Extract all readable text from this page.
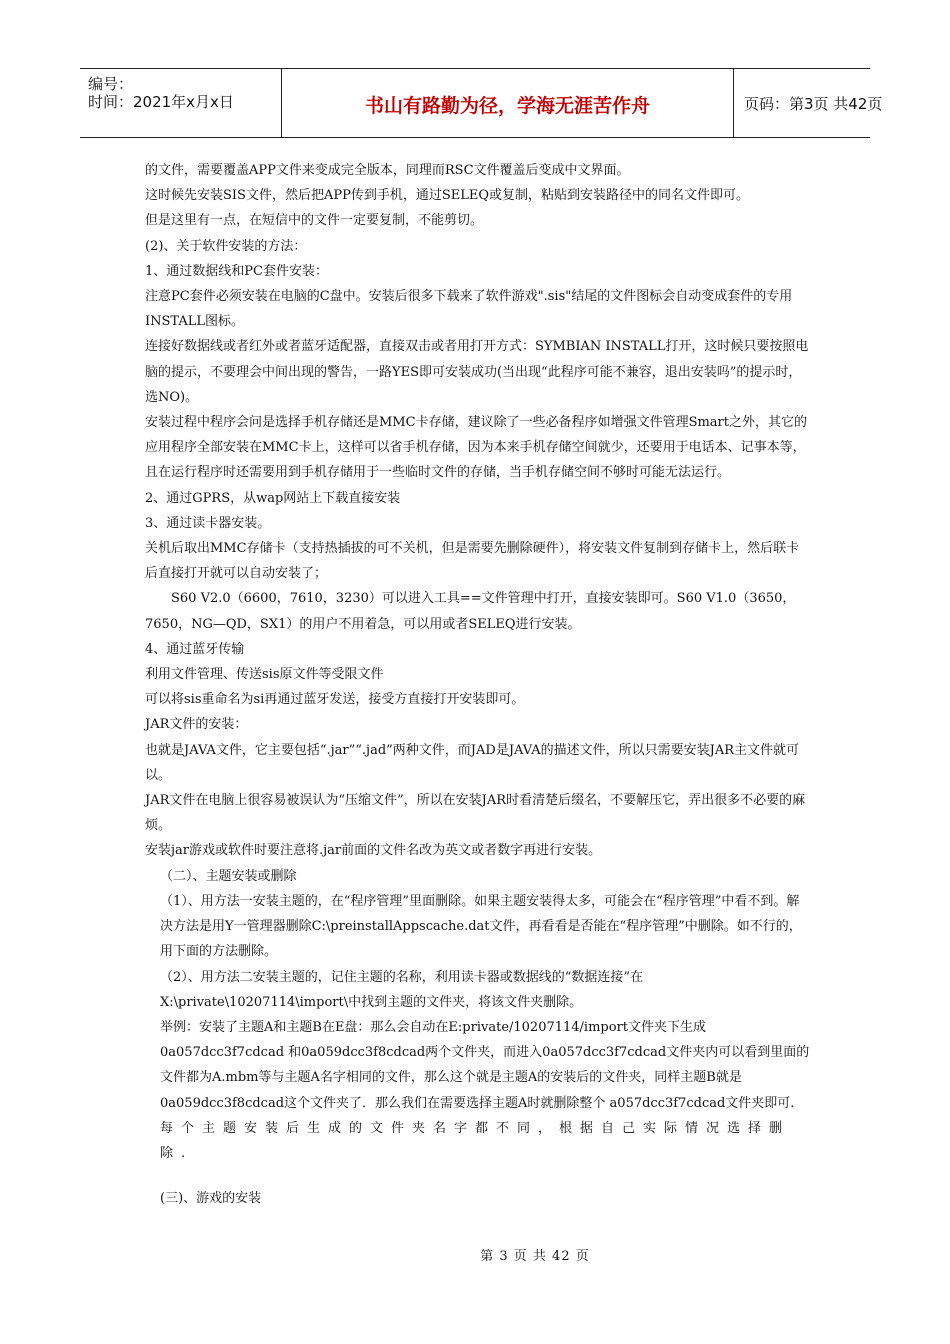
编号：
时间：2021年x月x日	书山有路勤为径，学海无涯苦作舟	页码：第3页 共42页

的文件，需要覆盖APP文件来变成完全版本，同理而RSC文件覆盖后变成中文界面。

这时候先安装SIS文件，然后把APP传到手机，通过SELEQ或复制，粘贴到安装路径中的同名文件即可。

但是这里有一点，在短信中的文件一定要复制，不能剪切。

(2)、关于软件安装的方法：

1、通过数据线和PC套件安装：

注意PC套件必须安装在电脑的C盘中。安装后很多下载来了软件游戏".sis"结尾的文件图标会自动变成套件的专用INSTALL图标。

连接好数据线或者红外或者蓝牙适配器，直接双击或者用打开方式：SYMBIAN INSTALL打开，这时候只要按照电脑的提示，不要理会中间出现的警告，一路YES即可安装成功(当出现“此程序可能不兼容，退出安装吗”的提示时，选NO)。

安装过程中程序会问是选择手机存储还是MMC卡存储，建议除了一些必备程序如增强文件管理Smart之外，其它的应用程序全部安装在MMC卡上，这样可以省手机存储，因为本来手机存储空间就少，还要用于电话本、记事本等，且在运行程序时还需要用到手机存储用于一些临时文件的存储，当手机存储空间不够时可能无法运行。

2、通过GPRS，从wap网站上下载直接安装

3、通过读卡器安装。

关机后取出MMC存储卡（支持热插拔的可不关机，但是需要先删除硬件），将安装文件复制到存储卡上，然后联卡后直接打开就可以自动安装了；

S60 V2.0（6600，7610，3230）可以进入工具==文件管理中打开，直接安装即可。S60 V1.0（3650，7650，NG—QD，SX1）的用户不用着急，可以用或者SELEQ进行安装。

4、通过蓝牙传输

利用文件管理、传送sis原文件等受限文件

可以将sis重命名为si再通过蓝牙发送，接受方直接打开安装即可。

JAR文件的安装：

也就是JAVA文件，它主要包括“.jar”“.jad”两种文件，而JAD是JAVA的描述文件，所以只需要安装JAR主文件就可以。

JAR文件在电脑上很容易被误认为“压缩文件”，所以在安装JAR时看清楚后缀名，不要解压它，弄出很多不必要的麻烦。

安装jar游戏或软件时要注意将.jar前面的文件名改为英文或者数字再进行安装。

（二）、主题安装或删除

（1）、用方法一安装主题的，在“程序管理”里面删除。如果主题安装得太多，可能会在“程序管理”中看不到。解决方法是用Y一管理器删除C:\preinstallAppscache.dat文件，再看看是否能在“程序管理”中删除。如不行的，用下面的方法删除。

（2）、用方法二安装主题的，记住主题的名称，利用读卡器或数据线的“数据连接”在X:\private\10207114\import\中找到主题的文件夹，将该文件夹删除。

举例：安装了主题A和主题B在E盘：那么会自动在E:private/10207114/import文件夹下生成0a057dcc3f7cdcad 和0a059dcc3f8cdcad两个文件夹，而进入0a057dcc3f7cdcad文件夹内可以看到里面的文件都为A.mbm等与主题A名字相同的文件，那么这个就是主题A的安装后的文件夹，同样主题B就是0a059dcc3f8cdcad这个文件夹了．那么我们在需要选择主题A时就删除整个 a057dcc3f7cdcad文件夹即可.

每个主题安装后生成的文件夹名字都不同，根据自己实际情况选择删除.

(三)、游戏的安装

第 3 页 共 42 页
